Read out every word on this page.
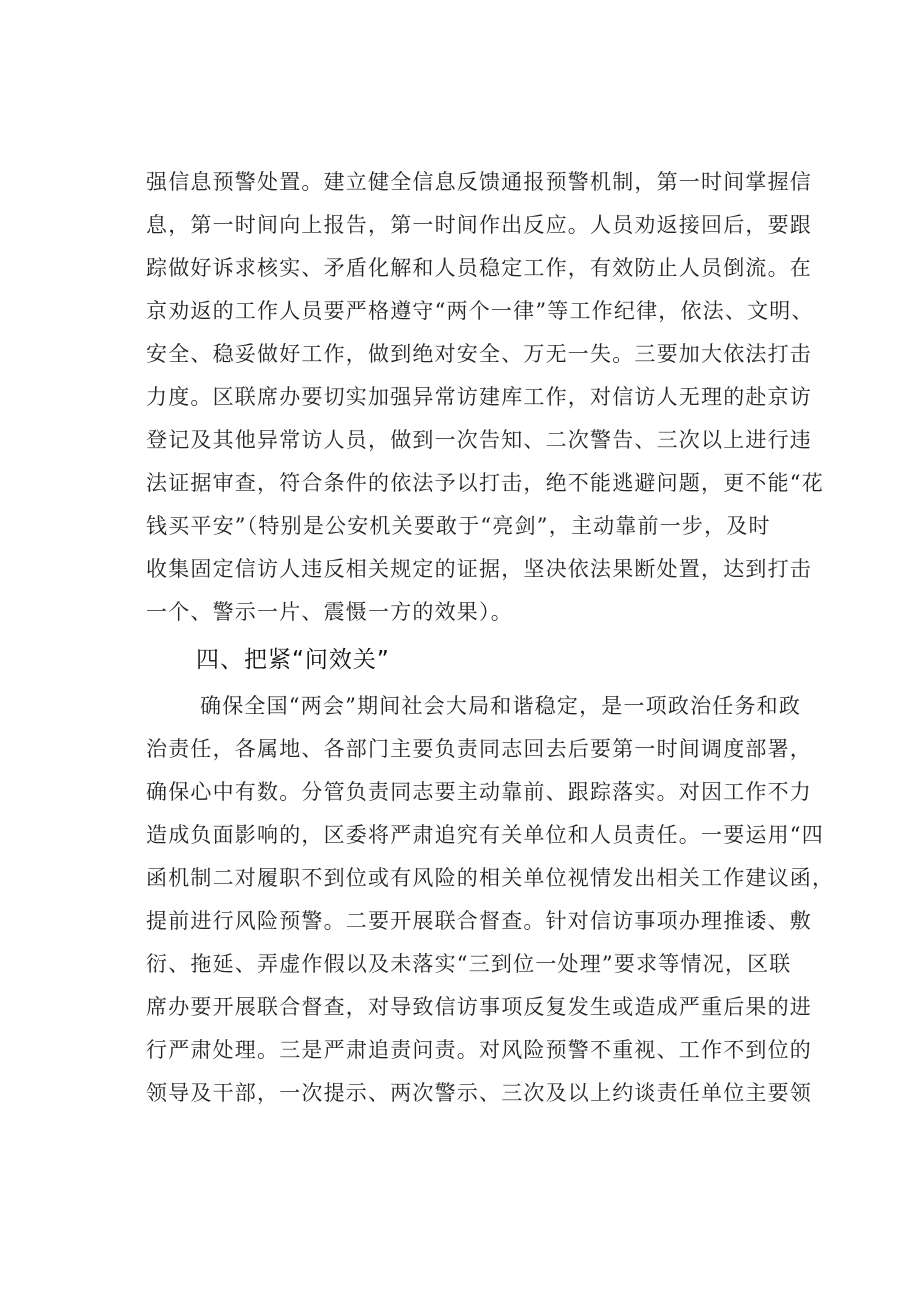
强信息预警处置。建立健全信息反馈通报预警机制，第一时间掌握信
息，第一时间向上报告，第一时间作出反应。人员劝返接回后，要跟
踪做好诉求核实、矛盾化解和人员稳定工作，有效防止人员倒流。在
京劝返的工作人员要严格遵守“两个一律”等工作纪律，依法、文明、
安全、稳妥做好工作，做到绝对安全、万无一失。三要加大依法打击
力度。区联席办要切实加强异常访建库工作，对信访人无理的赴京访
登记及其他异常访人员，做到一次告知、二次警告、三次以上进行违
法证据审查，符合条件的依法予以打击，绝不能逃避问题，更不能“花
钱买平安”（特别是公安机关要敢于“亮剑”，主动靠前一步，及时
收集固定信访人违反相关规定的证据，坚决依法果断处置，达到打击
一个、警示一片、震慑一方的效果）。
四、把紧“问效关”
确保全国“两会”期间社会大局和谐稳定，是一项政治任务和政
治责任，各属地、各部门主要负责同志回去后要第一时间调度部署，
确保心中有数。分管负责同志要主动靠前、跟踪落实。对因工作不力
造成负面影响的，区委将严肃追究有关单位和人员责任。一要运用“四
函机制二对履职不到位或有风险的相关单位视情发出相关工作建议函，
提前进行风险预警。二要开展联合督查。针对信访事项办理推诿、敷
衍、拖延、弄虚作假以及未落实“三到位一处理”要求等情况，区联
席办要开展联合督查，对导致信访事项反复发生或造成严重后果的进
行严肃处理。三是严肃追责问责。对风险预警不重视、工作不到位的
领导及干部，一次提示、两次警示、三次及以上约谈责任单位主要领
